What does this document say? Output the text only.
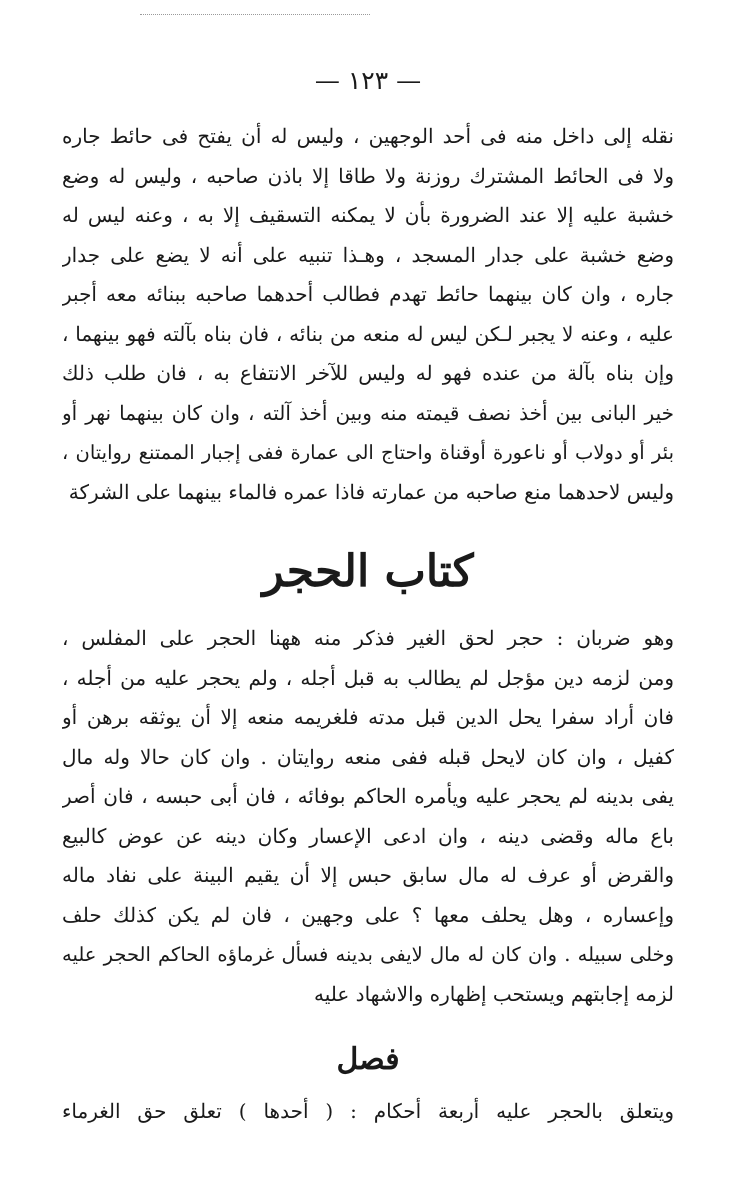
— ١٢٣ —
نقله إلى داخل منه فى أحد الوجهين ، وليس له أن يفتح فى حائط جاره
ولا فى الحائط المشترك روزنة ولا طاقا إلا باذن صاحبه ، وليس له وضع
خشبة عليه إلا عند الضرورة بأن لا يمكنه التسقيف إلا به ، وعنه ليس له
وضع خشبة على جدار المسجد ، وهـذا تنبيه على أنه لا يضع على جدار
جاره ، وان كان بينهما حائط تهدم فطالب أحدهما صاحبه ببنائه معه أجبر
عليه ، وعنه لا يجبر لـكن ليس له منعه من بنائه ، فان بناه بآلته فهو بينهما ،
وإن بناه بآلة من عنده فهو له وليس للآخر الانتفاع به ، فان طلب ذلك
خير البانى بين أخذ نصف قيمته منه وبين أخذ آلته ، وان كان بينهما نهر أو
بئر أو دولاب أو ناعورة أوقناة واحتاج الى عمارة ففى إجبار الممتنع روايتان ،
وليس لاحدهما منع صاحبه من عمارته فاذا عمره فالماء بينهما على الشركة
كتاب الحجر
وهو ضربان : حجر لحق الغير فذكر منه ههنا الحجر على المفلس ،
ومن لزمه دين مؤجل لم يطالب به قبل أجله ، ولم يحجر عليه من أجله ،
فان أراد سفرا يحل الدين قبل مدته فلغريمه منعه إلا أن يوثقه برهن أو
كفيل ، وان كان لايحل قبله ففى منعه روايتان . وان كان حالا وله مال
يفى بدينه لم يحجر عليه ويأمره الحاكم بوفائه ، فان أبى حبسه ، فان أصر
باع ماله وقضى دينه ، وان ادعى الإعسار وكان دينه عن عوض كالبيع
والقرض أو عرف له مال سابق حبس إلا أن يقيم البينة على نفاد ماله
وإعساره ، وهل يحلف معها ؟ على وجهين ، فان لم يكن كذلك حلف
وخلى سبيله . وان كان له مال لايفى بدينه فسأل غرماؤه الحاكم الحجر عليه
لزمه إجابتهم ويستحب إظهاره والاشهاد عليه
فصل
ويتعلق بالحجر عليه أربعة أحكام : ( أحدها ) تعلق حق الغرماء
